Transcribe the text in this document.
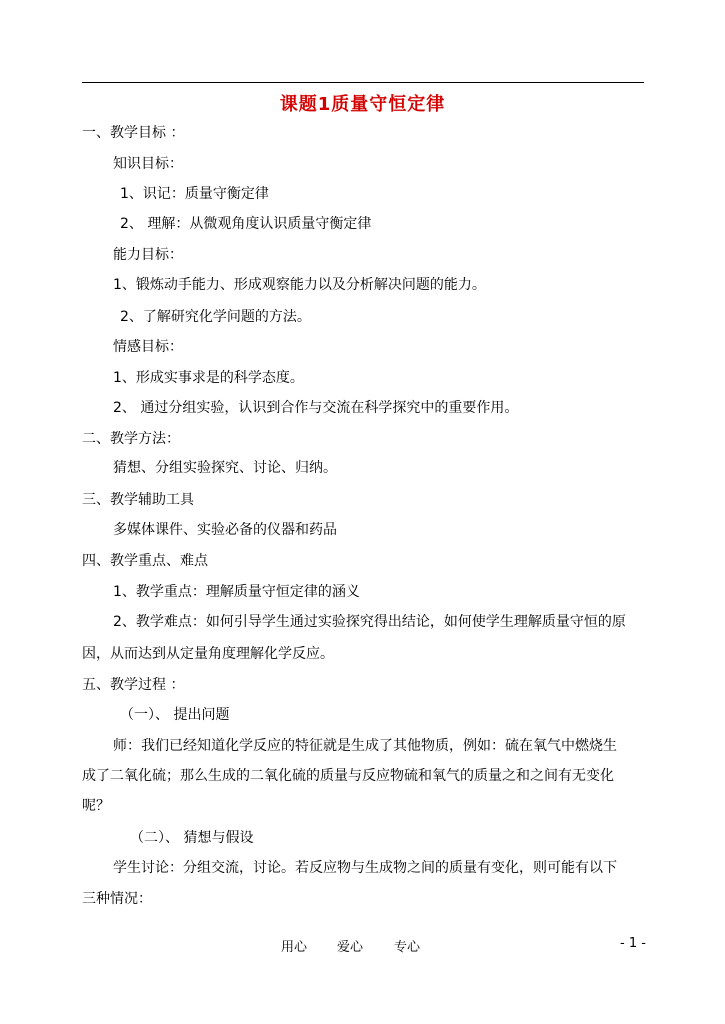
课题1质量守恒定律
一、教学目标 ：
知识目标：
1、识记：质量守衡定律
2、 理解：从微观角度认识质量守衡定律
能力目标：
1、锻炼动手能力、形成观察能力以及分析解决问题的能力。
2、了解研究化学问题的方法。
情感目标：
1、形成实事求是的科学态度。
2、 通过分组实验，认识到合作与交流在科学探究中的重要作用。
二、教学方法：
猜想、分组实验探究、讨论、归纳。
三、教学辅助工具
多媒体课件、实验必备的仪器和药品
四、教学重点、难点
1、教学重点：理解质量守恒定律的涵义
2、教学难点：如何引导学生通过实验探究得出结论，如何使学生理解质量守恒的原
因，从而达到从定量角度理解化学反应。
五、教学过程 ：
（一）、 提出问题
师：我们已经知道化学反应的特征就是生成了其他物质，例如：硫在氧气中燃烧生
成了二氧化硫；那么生成的二氧化硫的质量与反应物硫和氧气的质量之和之间有无变化
呢？
（二）、 猜想与假设
学生讨论：分组交流，讨论。若反应物与生成物之间的质量有变化，则可能有以下
三种情况：
用心 爱心 专心	- 1 -
